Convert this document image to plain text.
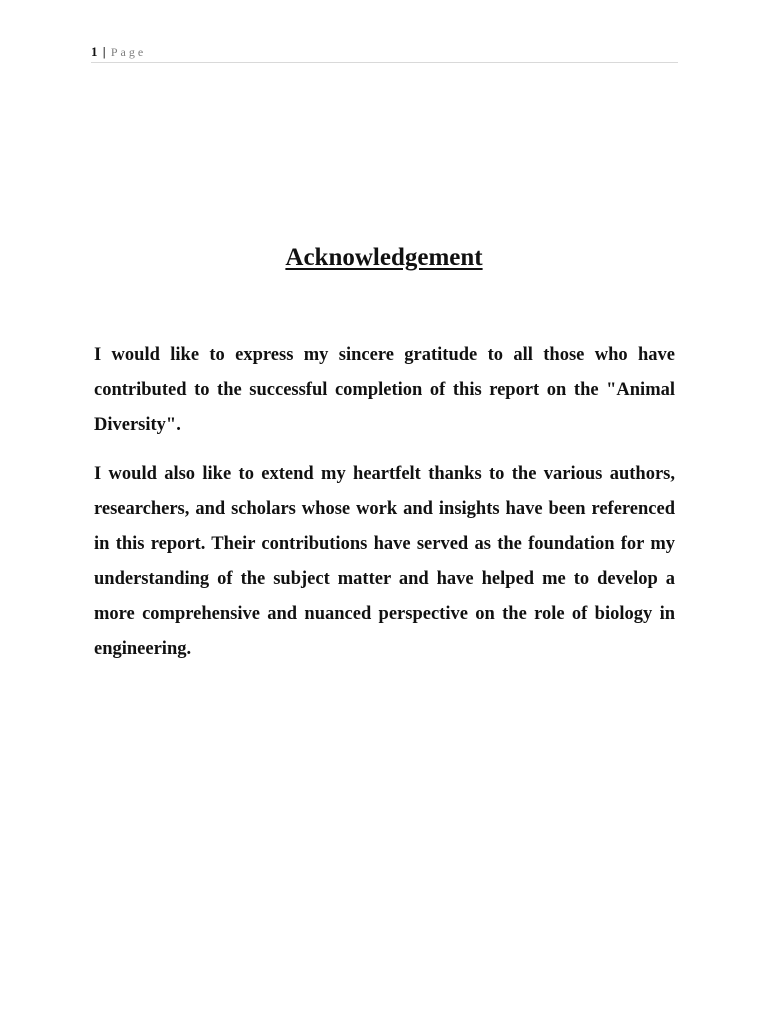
1 | Page
Acknowledgement

I would like to express my sincere gratitude to all those who have contributed to the successful completion of this report on the "Animal Diversity".

I would also like to extend my heartfelt thanks to the various authors, researchers, and scholars whose work and insights have been referenced in this report. Their contributions have served as the foundation for my understanding of the subject matter and have helped me to develop a more comprehensive and nuanced perspective on the role of biology in engineering.
